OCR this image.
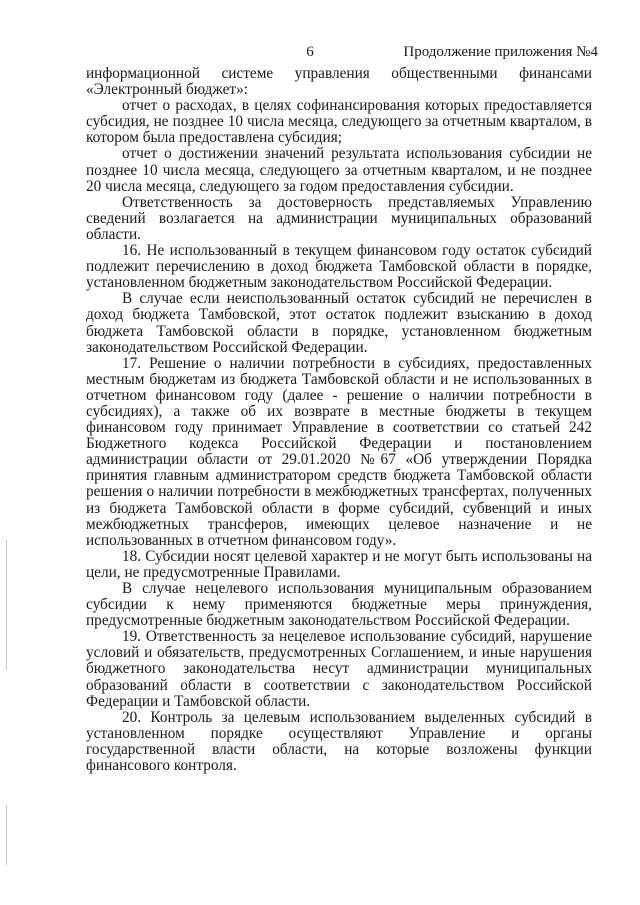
6	Продолжение приложения №4

информационной системе управления общественными финансами «Электронный бюджет»:

отчет о расходах, в целях софинансирования которых предоставляется субсидия, не позднее 10 числа месяца, следующего за отчетным кварталом, в котором была предоставлена субсидия;

отчет о достижении значений результата использования субсидии не позднее 10 числа месяца, следующего за отчетным кварталом, и не позднее 20 числа месяца, следующего за годом предоставления субсидии.

Ответственность за достоверность представляемых Управлению сведений возлагается на администрации муниципальных образований области.

16. Не использованный в текущем финансовом году остаток субсидий подлежит перечислению в доход бюджета Тамбовской области в порядке, установленном бюджетным законодательством Российской Федерации.

В случае если неиспользованный остаток субсидий не перечислен в доход бюджета Тамбовской, этот остаток подлежит взысканию в доход бюджета Тамбовской области в порядке, установленном бюджетным законодательством Российской Федерации.

17. Решение о наличии потребности в субсидиях, предоставленных местным бюджетам из бюджета Тамбовской области и не использованных в отчетном финансовом году (далее - решение о наличии потребности в субсидиях), а также об их возврате в местные бюджеты в текущем финансовом году принимает Управление в соответствии со статьей 242 Бюджетного кодекса Российской Федерации и постановлением администрации области от 29.01.2020 №67 «Об утверждении Порядка принятия главным администратором средств бюджета Тамбовской области решения о наличии потребности в межбюджетных трансфертах, полученных из бюджета Тамбовской области в форме субсидий, субвенций и иных межбюджетных трансферов, имеющих целевое назначение и не использованных в отчетном финансовом году».

18. Субсидии носят целевой характер и не могут быть использованы на цели, не предусмотренные Правилами.

В случае нецелевого использования муниципальным образованием субсидии к нему применяются бюджетные меры принуждения, предусмотренные бюджетным законодательством Российской Федерации.

19. Ответственность за нецелевое использование субсидий, нарушение условий и обязательств, предусмотренных Соглашением, и иные нарушения бюджетного законодательства несут администрации муниципальных образований области в соответствии с законодательством Российской Федерации и Тамбовской области.

20. Контроль за целевым использованием выделенных субсидий в установленном порядке осуществляют Управление и органы государственной власти области, на которые возложены функции финансового контроля.
